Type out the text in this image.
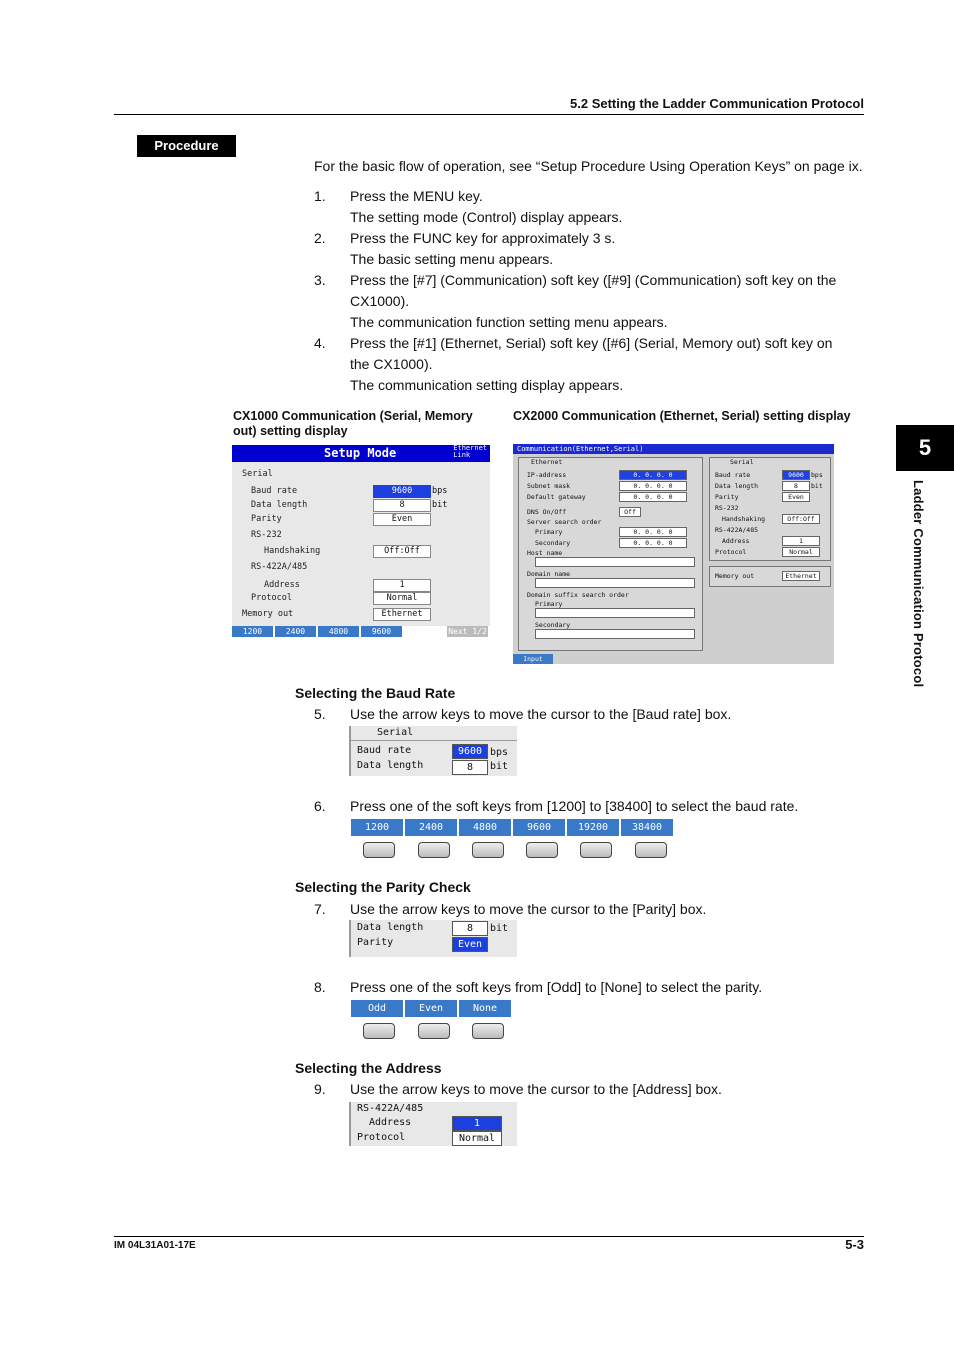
5.2 Setting the Ladder Communication Protocol
Procedure
For the basic flow of operation, see “Setup Procedure Using Operation Keys” on page ix.
1. Press the MENU key.
The setting mode (Control) display appears.
2. Press the FUNC key for approximately 3 s.
The basic setting menu appears.
3. Press the [#7] (Communication) soft key ([#9] (Communication) soft key on the
CX1000).
The communication function setting menu appears.
4. Press the [#1] (Ethernet, Serial) soft key ([#6] (Serial, Memory out) soft key on
the CX1000).
The communication setting display appears.
CX1000 Communication (Serial, Memory
out) setting display
CX2000 Communication (Ethernet, Serial) setting display
Setup Mode	Ethernet
Link
Serial
Baud rate	9600	bps
Data length	8	bit
Parity	Even
RS-232
Handshaking	Off:Off
RS-422A/485
Address	1
Protocol	Normal
Memory out	Ethernet
1200	2400	4800	9600	Next 1/2
Communication(Ethernet,Serial)
Ethernet
IP-address	0. 0. 0. 0
Subnet mask	0. 0. 0. 0
Default gateway	0. 0. 0. 0
DNS On/Off	Off
Server search order
Primary	0. 0. 0. 0
Secondary	0. 0. 0. 0
Host name
Domain name
Domain suffix search order
Primary
Secondary
Serial
Baud rate	9600	bps
Data length	8	bit
Parity	Even
RS-232
Handshaking	Off:Off
RS-422A/485
Address	1
Protocol	Normal
Memory out	Ethernet
Input
Selecting the Baud Rate
5. Use the arrow keys to move the cursor to the [Baud rate] box.
Serial
Baud rate	9600 bps
Data length	8	bit
6. Press one of the soft keys from [1200] to [38400] to select the baud rate.
1200	2400	4800	9600	19200	38400
Selecting the Parity Check
7. Use the arrow keys to move the cursor to the [Parity] box.
Data length	8	bit
Parity	Even
8. Press one of the soft keys from [Odd] to [None] to select the parity.
Odd	Even	None
Selecting the Address
9. Use the arrow keys to move the cursor to the [Address] box.
RS-422A/485
Address	1
Protocol	Normal
5
Ladder Communication Protocol
IM 04L31A01-17E	5-3
